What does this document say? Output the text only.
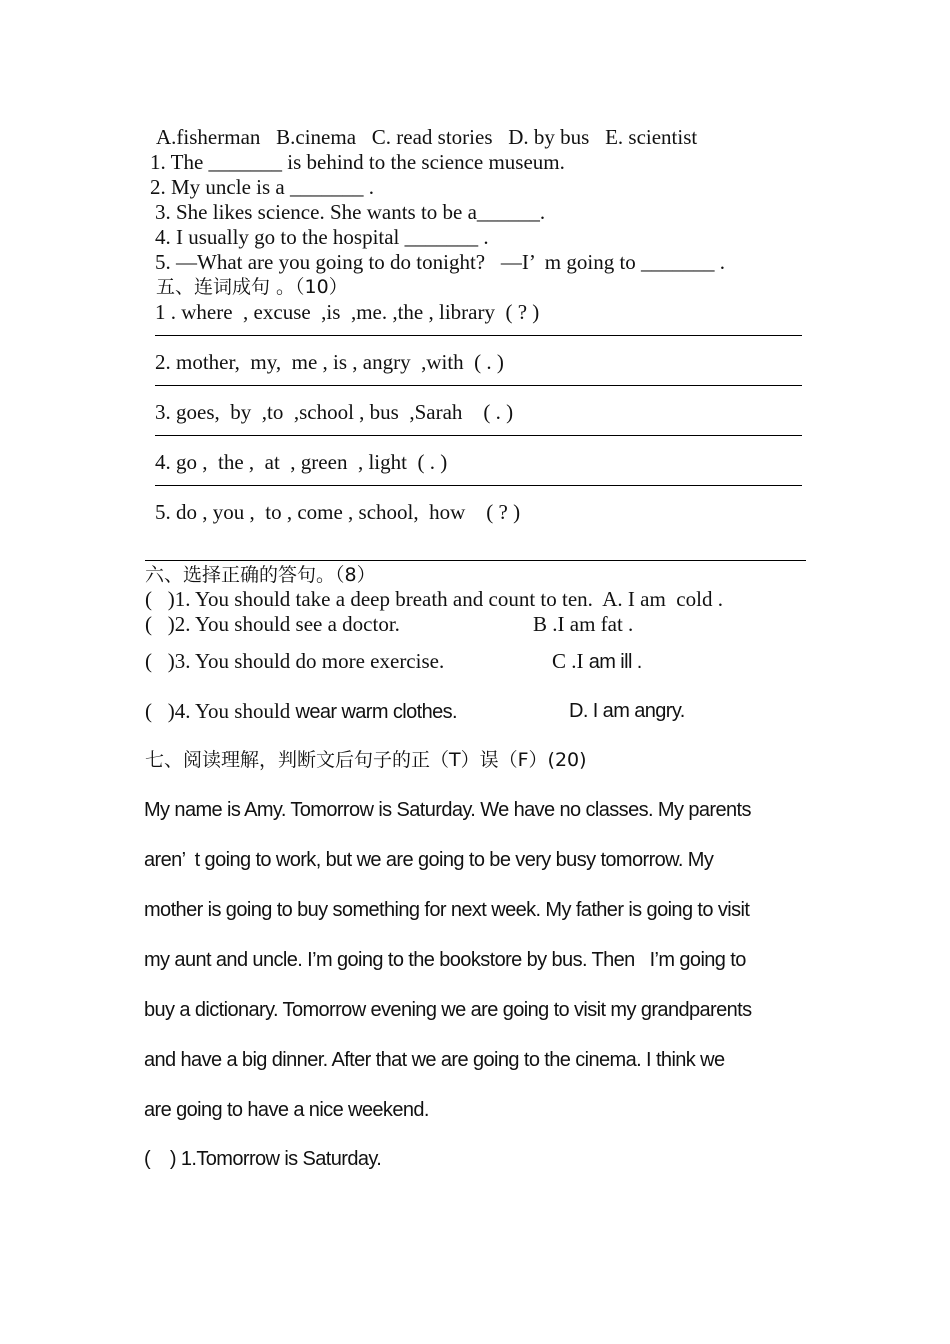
A.fisherman   B.cinema   C. read stories   D. by bus   E. scientist
1. The _______ is behind to the science museum.
2. My uncle is a _______ .
3. She likes science. She wants to be a______.
4. I usually go to the hospital _______ .
5. —What are you going to do tonight?   —I’  m going to _______ .
五、连词成句 。（10）
1 . where  , excuse  ,is  ,me. ,the , library  ( ? )
2. mother,  my,  me , is , angry  ,with  ( . )
3. goes,  by  ,to  ,school , bus  ,Sarah    ( . )
4. go ,  the ,  at  , green  , light  ( . )
5. do , you ,  to , come , school,  how    ( ? )
六、选择正确的答句。（8）
(   )1. You should take a deep breath and count to ten.  A. I am  cold .
(   )2. You should see a doctor.	B .I am fat .
(   )3. You should do more exercise.	C .I am ill .
(   )4. You should wear warm clothes.	D. I am angry.
七、阅读理解，判断文后句子的正（T）误（F）(20)
My name is Amy. Tomorrow is Saturday. We have no classes. My parents
aren’  t going to work, but we are going to be very busy tomorrow. My
mother is going to buy something for next week. My father is going to visit
my aunt and uncle. I’m going to the bookstore by bus. Then   I’m going to
buy a dictionary. Tomorrow evening we are going to visit my grandparents
and have a big dinner. After that we are going to the cinema. I think we
are going to have a nice weekend.
(    ) 1.Tomorrow is Saturday.
